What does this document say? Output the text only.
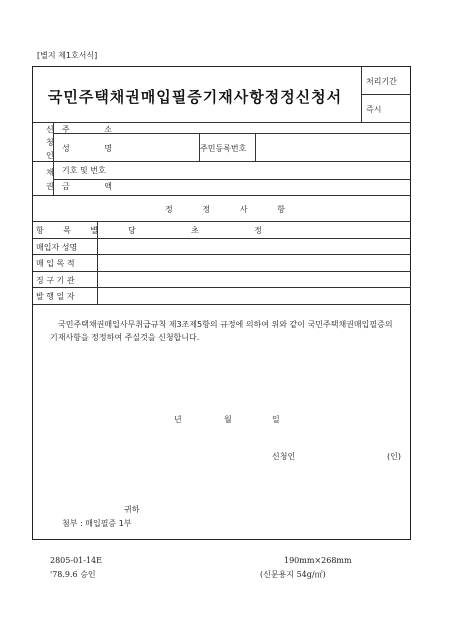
[별지 제1호서식]
국민주택채권매입필증기재사항정정신청서
처리기간
즉시
신
청
인
주	소
성	명	주민등록번호
채
권
기호 및 번호
금	액
정	정	사	항
항 목 별	당	초	정
매입자 성명
매 입 목 적
징 구 기 관
발 행 일 자
국민주택채권매입사무취급규칙 제3조제5항의 규정에 의하여 위와 같이 국민주택채권매입필증의기재사항을 정정하여 주실것을 신청합니다.
년	월	일
신청인	(인)
귀하
첨부 : 매입필증 1부
2805-01-14E
'78.9.6 승인
190mm×268mm
(신문용지 54g/㎡)
